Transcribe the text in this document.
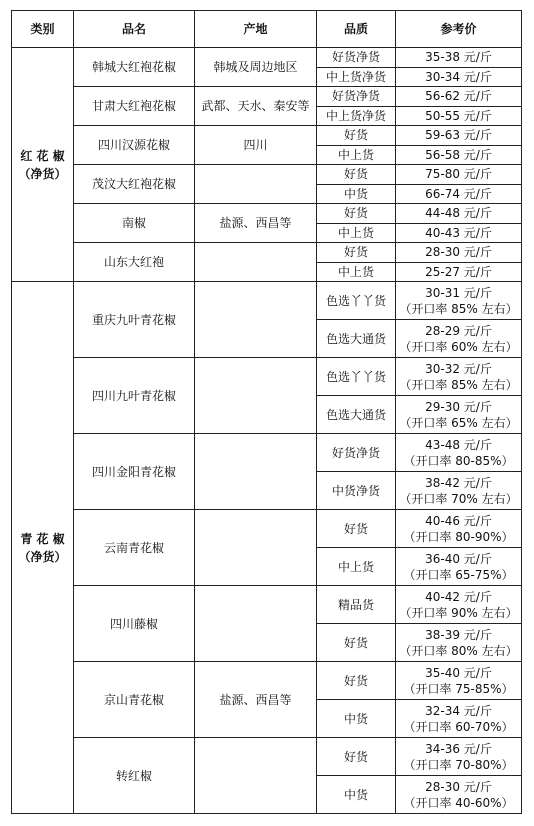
类别	品名	产地	品质	参考价

红 花 椒
（净货）	韩城大红袍花椒	韩城及周边地区	好货净货	35-38 元/斤
			中上货净货	30-34 元/斤
	甘肃大红袍花椒	武都、天水、秦安等	好货净货	56-62 元/斤
			中上货净货	50-55 元/斤
	四川汉源花椒	四川	好货	59-63 元/斤
			中上货	56-58 元/斤
	茂汶大红袍花椒		好货	75-80 元/斤
			中货	66-74 元/斤
	南椒	盐源、西昌等	好货	44-48 元/斤
			中上货	40-43 元/斤
	山东大红袍		好货	28-30 元/斤
			中上货	25-27 元/斤

青 花 椒
（净货）	重庆九叶青花椒		色选丫丫货	30-31 元/斤
（开口率 85% 左右）

			色选大通货	28-29 元/斤
（开口率 60% 左右）

	四川九叶青花椒		色选丫丫货	30-32 元/斤
（开口率 85% 左右）

			色选大通货	29-30 元/斤
（开口率 65% 左右）

	四川金阳青花椒		好货净货	43-48 元/斤
（开口率 80-85%）

			中货净货	38-42 元/斤
（开口率 70% 左右）

	云南青花椒		好货	40-46 元/斤
（开口率 80-90%）

			中上货	36-40 元/斤
（开口率 65-75%）

	四川藤椒		精品货	40-42 元/斤
（开口率 90% 左右）

			好货	38-39 元/斤
（开口率 80% 左右）

	京山青花椒	盐源、西昌等	好货	35-40 元/斤
（开口率 75-85%）

			中货	32-34 元/斤
（开口率 60-70%）

	转红椒		好货	34-36 元/斤
（开口率 70-80%）

			中货	28-30 元/斤
（开口率 40-60%）
